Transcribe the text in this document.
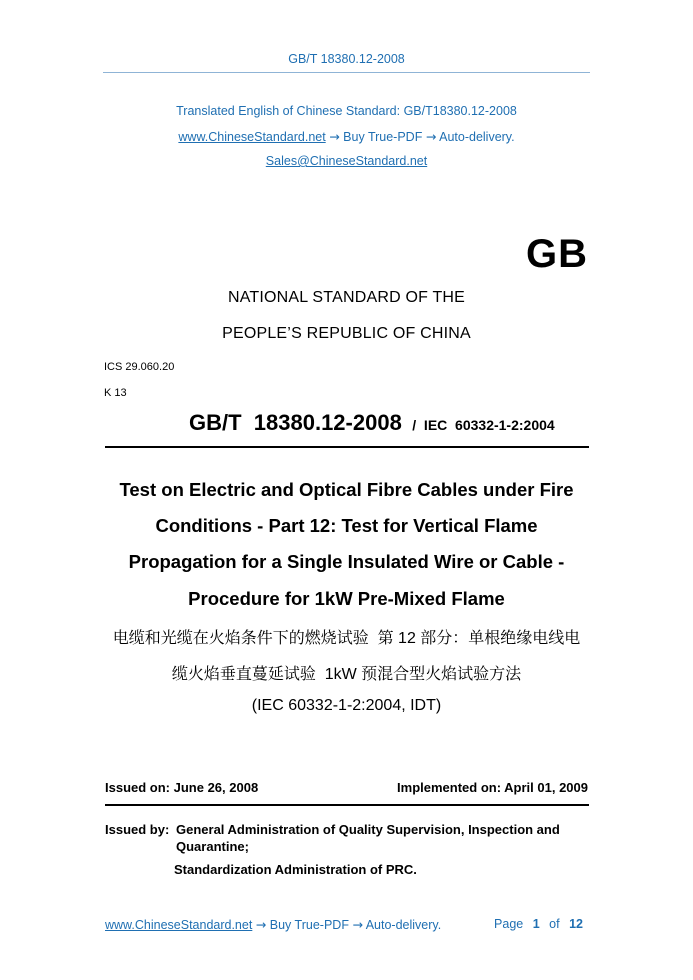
GB/T 18380.12-2008
Translated English of Chinese Standard: GB/T18380.12-2008
www.ChineseStandard.net → Buy True-PDF → Auto-delivery.
Sales@ChineseStandard.net
GB
NATIONAL STANDARD OF THE
PEOPLE’S REPUBLIC OF CHINA
ICS 29.060.20
K 13
GB/T  18380.12-2008 /  IEC  60332-1-2:2004
Test on Electric and Optical Fibre Cables under Fire
Conditions - Part 12: Test for Vertical Flame
Propagation for a Single Insulated Wire or Cable -
Procedure for 1kW Pre-Mixed Flame
电缆和光缆在火焰条件下的燃烧试验  第 12 部分：单根绝缘电线电
缆火焰垂直蔓延试验  1kW 预混合型火焰试验方法
(IEC 60332-1-2:2004, IDT)
Issued on: June 26, 2008	Implemented on: April 01, 2009
Issued by: General Administration of Quality Supervision, Inspection and
Quarantine;
Standardization Administration of PRC.
www.ChineseStandard.net → Buy True-PDF → Auto-delivery.	Page 1 of 12
